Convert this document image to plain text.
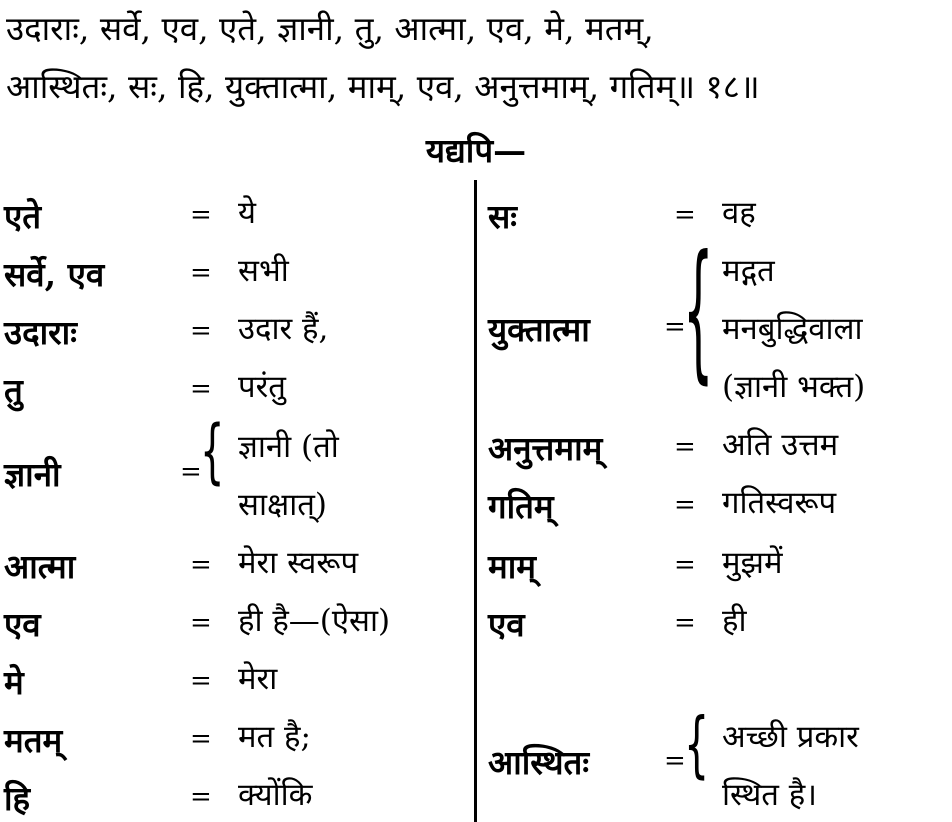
उदाराः, सर्वे, एव, एते, ज्ञानी, तु, आत्मा, एव, मे, मतम्,
आस्थितः, सः, हि, युक्तात्मा, माम्, एव, अनुत्तमाम्, गतिम्॥ १८॥
यद्यपि—
एते	= ये
सर्वे, एव	= सभी
उदाराः	= उदार हैं,
तु	= परंतु
ज्ञानी	=
{ ज्ञानी (तो
साक्षात्)
आत्मा	= मेरा स्वरूप
एव	= ही है—(ऐसा)
मे	= मेरा
मतम्	= मत है;
हि	= क्योंकि
सः	= वह
युक्तात्मा	=
{ मद्गत
मनबुद्धिवाला
(ज्ञानी भक्त)
अनुत्तमाम्	= अति उत्तम
गतिम्	= गतिस्वरूप
माम्	= मुझमें
एव	= ही
आस्थितः	=
{ अच्छी प्रकार
स्थित है।
